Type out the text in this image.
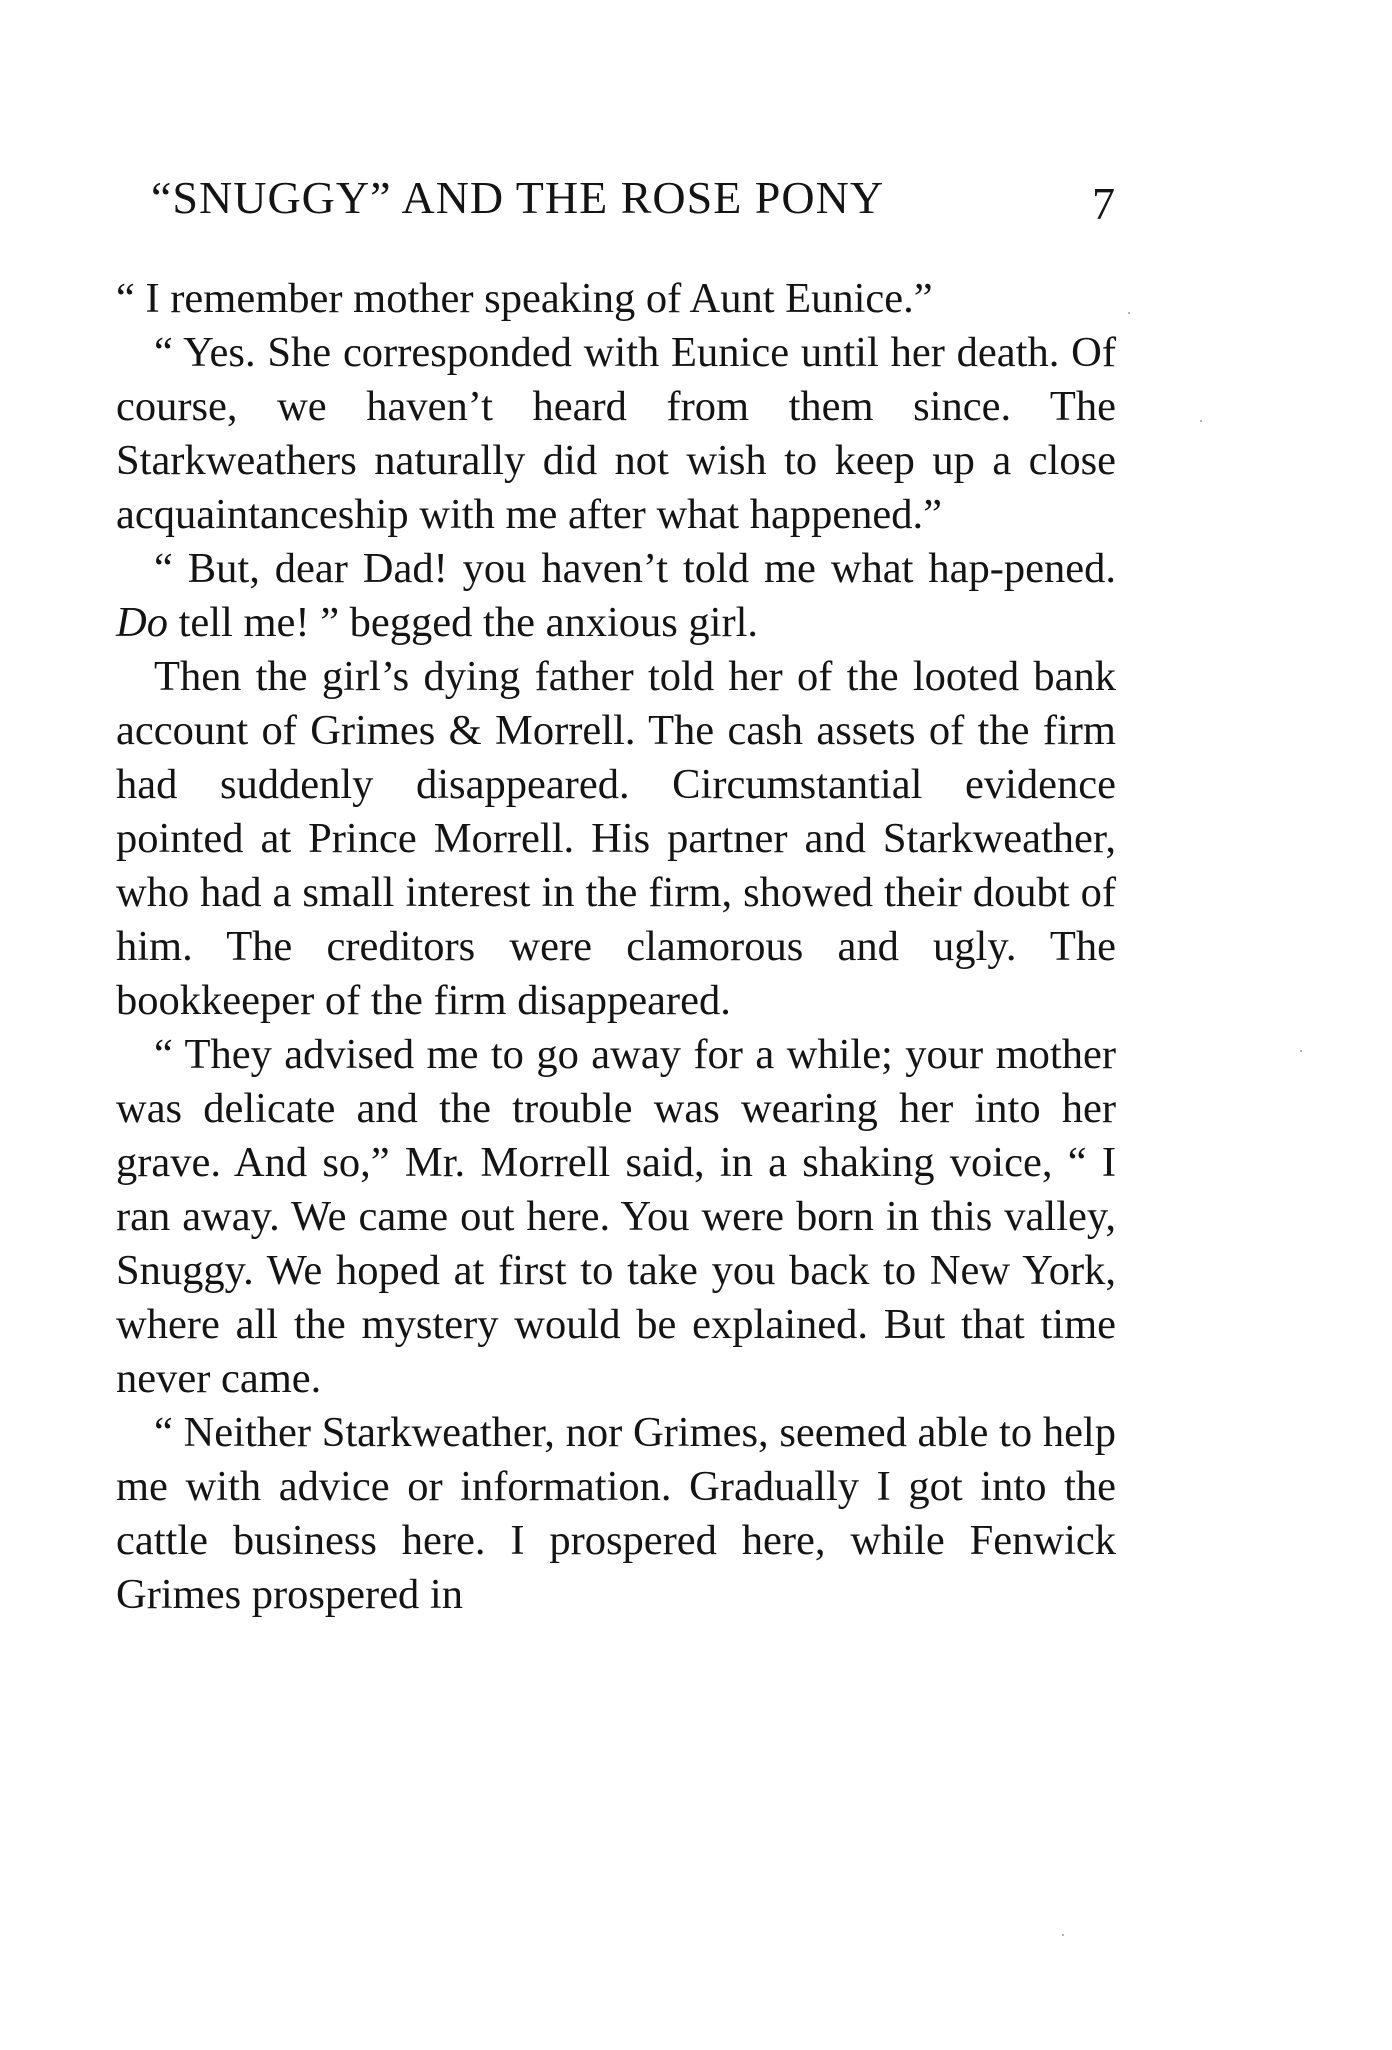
“SNUGGY” AND THE ROSE PONY	7

“ I remember mother speaking of Aunt Eunice.”

“ Yes. She corresponded with Eunice until her death. Of course, we haven’t heard from them since. The Starkweathers naturally did not wish to keep up a close acquaintanceship with me after what happened.”

“ But, dear Dad! you haven’t told me what hap-pened. Do tell me! ” begged the anxious girl.

Then the girl’s dying father told her of the looted bank account of Grimes & Morrell. The cash assets of the firm had suddenly disappeared. Circumstantial evidence pointed at Prince Morrell. His partner and Starkweather, who had a small interest in the firm, showed their doubt of him. The creditors were clamorous and ugly. The bookkeeper of the firm disappeared.

“ They advised me to go away for a while; your mother was delicate and the trouble was wearing her into her grave. And so,” Mr. Morrell said, in a shaking voice, “ I ran away. We came out here. You were born in this valley, Snuggy. We hoped at first to take you back to New York, where all the mystery would be explained. But that time never came.

“ Neither Starkweather, nor Grimes, seemed able to help me with advice or information. Gradually I got into the cattle business here. I prospered here, while Fenwick Grimes prospered in
